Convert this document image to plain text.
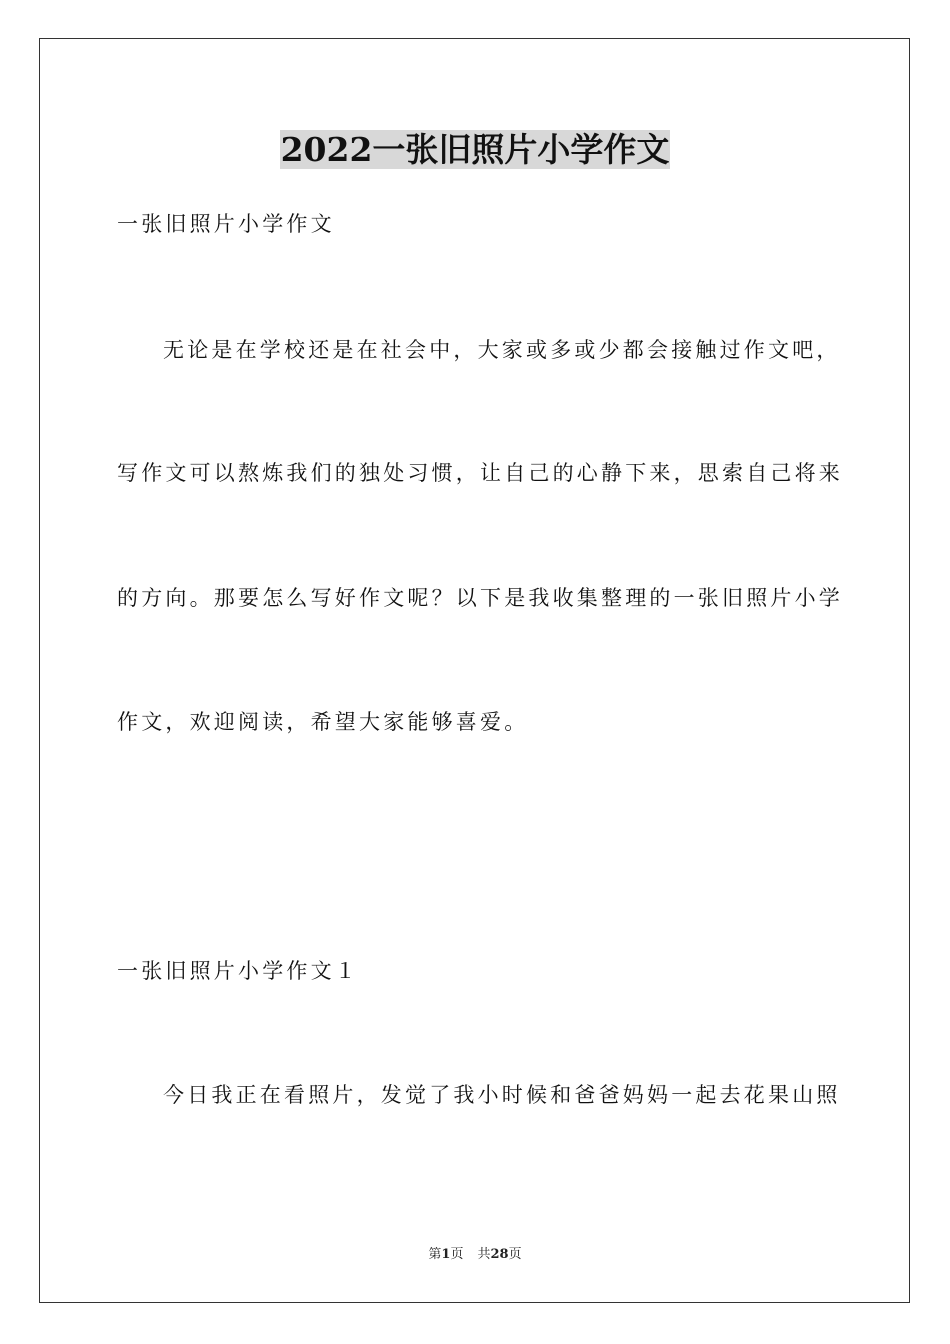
2022一张旧照片小学作文
一张旧照片小学作文
无论是在学校还是在社会中，大家或多或少都会接触过作文吧，
写作文可以熬炼我们的独处习惯，让自己的心静下来，思索自己将来
的方向。那要怎么写好作文呢？以下是我收集整理的一张旧照片小学
作文，欢迎阅读，希望大家能够喜爱。
一张旧照片小学作文１
今日我正在看照片，发觉了我小时候和爸爸妈妈一起去花果山照
第1页 共28页
